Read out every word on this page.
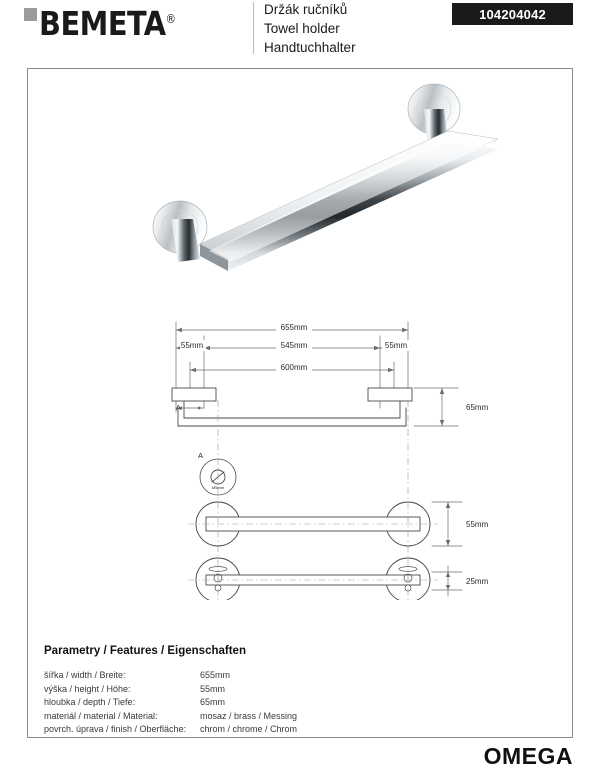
BEMETA®
Držák ručníků
Towel holder
Handtuchhalter
104204042
655mm
55mm	545mm	55mm
600mm
65mm
55mm
25mm
A
A
M5mm
Parametry / Features / Eigenschaften
šířka / width / Breite:	655mm
výška / height / Höhe:	55mm
hloubka / depth / Tiefe:	65mm
materiál / material / Material:	mosaz / brass / Messing
povrch. úprava / finish / Oberfläche:	chrom / chrome / Chrom
OMEGA
